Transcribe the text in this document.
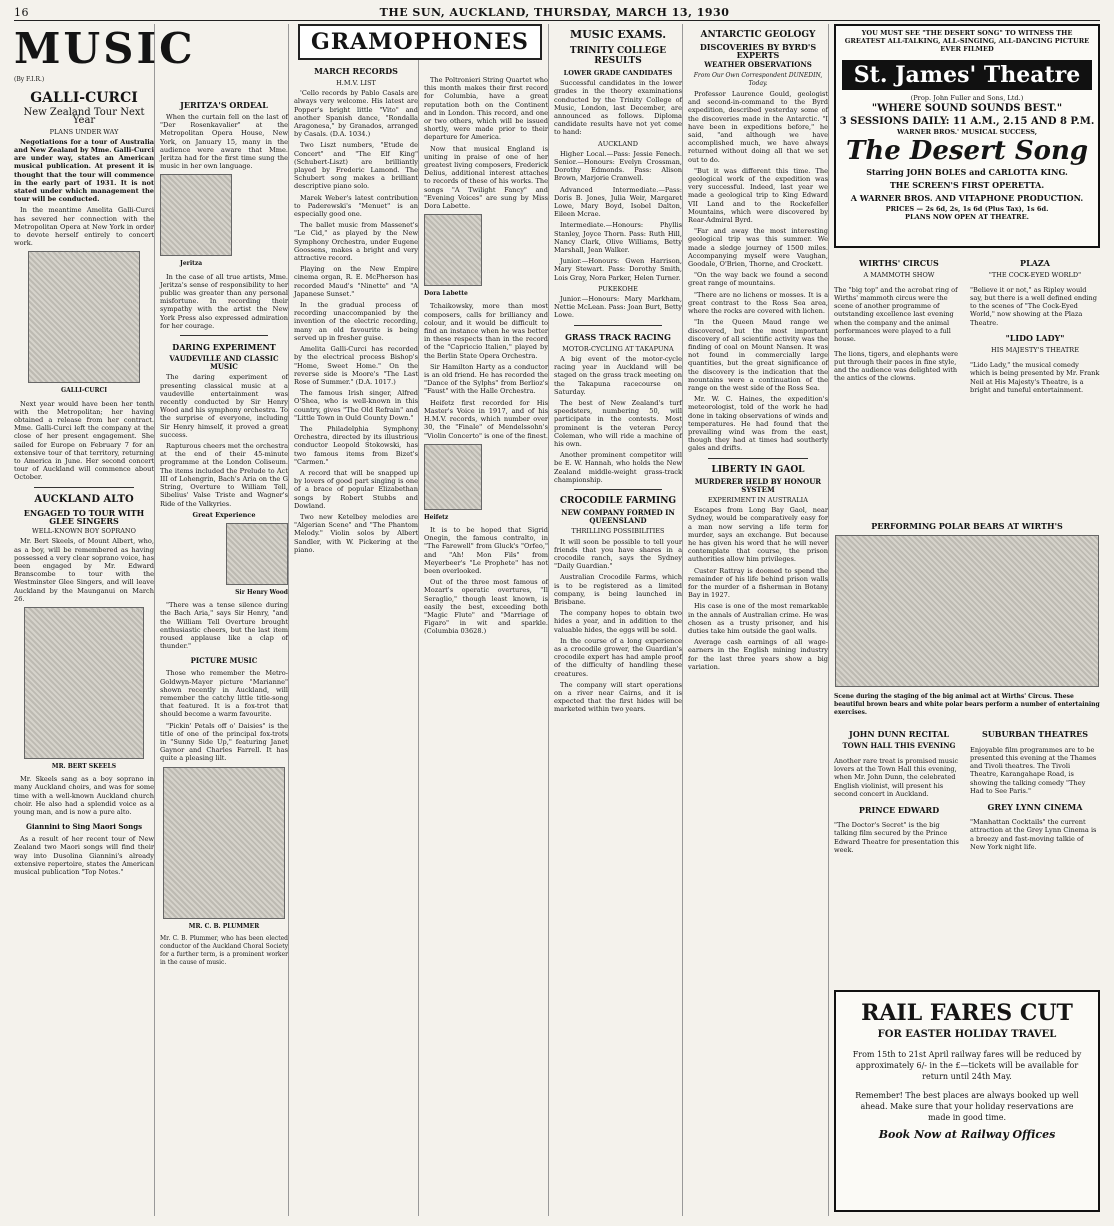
16	THE SUN, AUCKLAND, THURSDAY, MARCH 13, 1930
MUSIC
(By F.I.R.)
GALLI-CURCI
New Zealand Tour Next Year
PLANS UNDER WAY

Negotiations for a tour of Australia and New Zealand by Mme. Galli-Curci are under way, states an American musical publication. At present it is thought that the tour will commence in the early part of 1931. It is not stated under which management the tour will be conducted.

In the meantime Amelita Galli-Curci has severed her connection with the Metropolitan Opera at New York in order to devote herself entirely to concert work.

GALLI-CURCI

Next year would have been her tenth with the Metropolitan; her having obtained a release from her contract. Mme. Galli-Curci left the company at the close of her present engagement. She sailed for Europe on February 7 for an extensive tour of that territory, returning to America in June. Her second concert tour of Auckland will commence about October.

AUCKLAND ALTO
ENGAGED TO TOUR WITH GLEE SINGERS
WELL-KNOWN BOY SOPRANO

Mr. Bert Skeels, of Mount Albert, who, as a boy, will be remembered as having possessed a very clear soprano voice, has been engaged by Mr. Edward Branscombe to tour with the Westminster Glee Singers, and will leave Auckland by the Maunganui on March 26.

MR. BERT SKEELS

Mr. Skeels sang as a boy soprano in many Auckland choirs, and was for some time with a well-known Auckland church choir. He also had a splendid voice as a young man, and is now a pure alto.

Giannini to Sing Maori Songs

As a result of her recent tour of New Zealand two Maori songs will find their way into Dusolina Giannini's already extensive repertoire, states the American musical publication "Top Notes."

JERITZA'S ORDEAL

When the curtain fell on the last of "Der Rosenkavalier" at the Metropolitan Opera House, New York, on January 15, many in the audience were aware that Mme. Jeritza had for the first time sung the music in her own language.

Jeritza

In the case of all true artists, Mme. Jeritza's sense of responsibility to her public was greater than any personal misfortune. In recording their sympathy with the artist the New York Press also expressed admiration for her courage.

DARING EXPERIMENT
VAUDEVILLE AND CLASSIC MUSIC

The daring experiment of presenting classical music at a vaudeville entertainment was recently conducted by Sir Henry Wood and his symphony orchestra. To the surprise of everyone, including Sir Henry himself, it proved a great success.

Rapturous cheers met the orchestra at the end of their 45-minute programme at the London Coliseum. The items included the Prelude to Act III of Lohengrin, Bach's Aria on the G String, Overture to William Tell, Sibelius' Valse Triste and Wagner's Ride of the Valkyries.

Great Experience
Sir Henry Wood

"There was a tense silence during the Bach Aria," says Sir Henry, "and the William Tell Overture brought enthusiastic cheers, but the last item roused applause like a clap of thunder."

PICTURE MUSIC

Those who remember the Metro-Goldwyn-Mayer picture "Marianne" shown recently in Auckland, will remember the catchy little title-song that featured. It is a fox-trot that should become a warm favourite.

"Pickin' Petals off o' Daisies" is the title of one of the principal fox-trots in "Sunny Side Up," featuring Janet Gaynor and Charles Farrell. It has quite a pleasing lilt.

MR. C. B. PLUMMER

Mr. C. B. Plummer, who has been elected conductor of the Auckland Choral Society for a further term, is a prominent worker in the cause of music.

GRAMOPHONES
MARCH RECORDS
H.M.V. LIST

'Cello records by Pablo Casals are always very welcome. His latest are Popper's bright little "Vito" and another Spanish dance, "Rondalla Aragonesa," by Granados, arranged by Casals. (D.A. 1034.)

Two Liszt numbers, "Etude de Concert" and "The Elf King" (Schubert-Liszt) are brilliantly played by Frederic Lamond. The Schubert song makes a brilliant descriptive piano solo.

Marek Weber's latest contribution to Paderewski's "Menuet" is an especially good one.

The ballet music from Massenet's "Le Cid," as played by the New Symphony Orchestra, under Eugene Goossens, makes a bright and very attractive record.

Playing on the New Empire cinema organ, R. E. McPherson has recorded Maud's "Ninette" and "A Japanese Sunset."

In the gradual process of recording unaccompanied by the invention of the electric recording, many an old favourite is being served up in fresher guise.

Amelita Galli-Curci has recorded by the electrical process Bishop's "Home, Sweet Home." On the reverse side is Moore's "The Last Rose of Summer." (D.A. 1017.)

The famous Irish singer, Alfred O'Shea, who is well-known in this country, gives "The Old Refrain" and "Little Town in Ould County Down."

The Philadelphia Symphony Orchestra, directed by its illustrious conductor Leopold Stokowski, has two famous items from Bizet's "Carmen."

A record that will be snapped up by lovers of good part singing is one of a brace of popular Elizabethan songs by Robert Stubbs and Dowland.

Two new Ketelbey melodies are "Algerian Scene" and "The Phantom Melody." Violin solos by Albert Sandler, with W. Pickering at the piano.

The Poltronieri String Quartet who this month makes their first record for Columbia, have a great reputation both on the Continent and in London. This record, and one or two others, which will be issued shortly, were made prior to their departure for America.

Now that musical England is uniting in praise of one of her greatest living composers, Frederick Delius, additional interest attaches to records of these of his works. The songs "A Twilight Fancy" and "Evening Voices" are sung by Miss Dora Labette.

Dora Labette

Tchaikowsky, more than most composers, calls for brilliancy and colour, and it would be difficult to find an instance when he was better in these respects than in the record of the "Capriccio Italien," played by the Berlin State Opera Orchestra.

Sir Hamilton Harty as a conductor is an old friend. He has recorded the "Dance of the Sylphs" from Berlioz's "Faust" with the Halle Orchestra.

Heifetz first recorded for His Master's Voice in 1917, and of his H.M.V. records, which number over 30, the "Finale" of Mendelssohn's "Violin Concerto" is one of the finest.

Heifetz

It is to be hoped that Sigrid Onegin, the famous contralto, in "The Farewell" from Gluck's "Orfeo," and "Ah! Mon Fils" from Meyerbeer's "Le Prophete" has not been overlooked.

Out of the three most famous of Mozart's operatic overtures, "Il Seraglio," though least known, is easily the best, exceeding both "Magic Flute" and "Marriage of Figaro" in wit and sparkle. (Columbia 03628.)

MUSIC EXAMS.
TRINITY COLLEGE RESULTS
LOWER GRADE CANDIDATES

Successful candidates in the lower grades in the theory examinations conducted by the Trinity College of Music, London, last December, are announced as follows. Diploma candidate results have not yet come to hand:

AUCKLAND

Higher Local.—Pass: Jessie Fenech. Senior.—Honours: Evelyn Crossman, Dorothy Edmonds. Pass: Alison Brown, Marjorie Cranwell.

Advanced Intermediate.—Pass: Doris B. Jones, Julia Weir, Margaret Lowe, Mary Boyd, Isobel Dalton, Eileen Mcrae.

Intermediate.—Honours: Phyllis Stanley, Joyce Thorn. Pass: Ruth Hill, Nancy Clark, Olive Williams, Betty Marshall, Jean Walker.

Junior.—Honours: Gwen Harrison, Mary Stewart. Pass: Dorothy Smith, Lois Gray, Nora Parker, Helen Turner.

PUKEKOHE

Junior.—Honours: Mary Markham, Nettie McLean. Pass: Joan Burt, Betty Lowe.

GRASS TRACK RACING
MOTOR-CYCLING AT TAKAPUNA

A big event of the motor-cycle racing year in Auckland will be staged on the grass track meeting on the Takapuna racecourse on Saturday.

The best of New Zealand's turf speedsters, numbering 50, will participate in the contests. Most prominent is the veteran Percy Coleman, who will ride a machine of his own.

Another prominent competitor will be E. W. Hannah, who holds the New Zealand middle-weight grass-track championship.

CROCODILE FARMING
NEW COMPANY FORMED IN QUEENSLAND
THRILLING POSSIBILITIES

It will soon be possible to tell your friends that you have shares in a crocodile ranch, says the Sydney "Daily Guardian."

Australian Crocodile Farms, which is to be registered as a limited company, is being launched in Brisbane.

The company hopes to obtain two hides a year, and in addition to the valuable hides, the eggs will be sold.

In the course of a long experience as a crocodile grower, the Guardian's crocodile expert has had ample proof of the difficulty of handling these creatures.

The company will start operations on a river near Cairns, and it is expected that the first hides will be marketed within two years.

ANTARCTIC GEOLOGY
DISCOVERIES BY BYRD'S EXPERTS
WEATHER OBSERVATIONS
From Our Own Correspondent DUNEDIN, Today.

Professor Laurence Gould, geologist and second-in-command to the Byrd expedition, described yesterday some of the discoveries made in the Antarctic. "I have been in expeditions before," he said, "and although we have accomplished much, we have always returned without doing all that we set out to do.

"But it was different this time. The geological work of the expedition was very successful. Indeed, last year we made a geological trip to King Edward VII Land and to the Rockefeller Mountains, which were discovered by Rear-Admiral Byrd.

"Far and away the most interesting geological trip was this summer. We made a sledge journey of 1500 miles. Accompanying myself were Vaughan, Goodale, O'Brien, Thorne, and Crockett.

"On the way back we found a second great range of mountains.

"There are no lichens or mosses. It is a great contrast to the Ross Sea area, where the rocks are covered with lichen.

"In the Queen Maud range we discovered, but the most important discovery of all scientific activity was the finding of coal on Mount Nansen. It was not found in commercially large quantities, but the great significance of the discovery is the indication that the mountains were a continuation of the range on the west side of the Ross Sea.

Mr. W. C. Haines, the expedition's meteorologist, told of the work he had done in taking observations of winds and temperatures. He had found that the prevailing wind was from the east, though they had at times had southerly gales and drifts.

LIBERTY IN GAOL
MURDERER HELD BY HONOUR SYSTEM
EXPERIMENT IN AUSTRALIA

Escapes from Long Bay Gaol, near Sydney, would be comparatively easy for a man now serving a life term for murder, says an exchange. But because he has given his word that he will never contemplate that course, the prison authorities allow him privileges.

Custer Rattray is doomed to spend the remainder of his life behind prison walls for the murder of a fisherman in Botany Bay in 1927.

His case is one of the most remarkable in the annals of Australian crime. He was chosen as a trusty prisoner, and his duties take him outside the gaol walls.

Average cash earnings of all wage-earners in the English mining industry for the last three years show a big variation.

YOU MUST SEE "THE DESERT SONG" TO WITNESS THE GREATEST ALL-TALKING, ALL-SINGING, ALL-DANCING PICTURE EVER FILMED
St. James' Theatre
(Prop. John Fuller and Sons, Ltd.)
"WHERE SOUND SOUNDS BEST."
3 SESSIONS DAILY: 11 A.M., 2.15 AND 8 P.M.
WARNER BROS.' MUSICAL SUCCESS,
The Desert Song
Starring JOHN BOLES and CARLOTTA KING.
THE SCREEN'S FIRST OPERETTA.
A WARNER BROS. AND VITAPHONE PRODUCTION.
PRICES — 2s 6d, 2s, 1s 6d (Plus Tax), 1s 6d.
PLANS NOW OPEN AT THEATRE.
WIRTHS' CIRCUS
A MAMMOTH SHOW

The "big top" and the acrobat ring of Wirths' mammoth circus were the scene of another programme of outstanding excellence last evening when the company and the animal performances were played to a full house.

The lions, tigers, and elephants were put through their paces in fine style, and the audience was delighted with the antics of the clowns.

PLAZA
"THE COCK-EYED WORLD"

"Believe it or not," as Ripley would say, but there is a well defined ending to the scenes of "The Cock-Eyed World," now showing at the Plaza Theatre.

"LIDO LADY"
HIS MAJESTY'S THEATRE

"Lido Lady," the musical comedy which is being presented by Mr. Frank Neil at His Majesty's Theatre, is a bright and tuneful entertainment.

PERFORMING POLAR BEARS AT WIRTH'S

Scene during the staging of the big animal act at Wirths' Circus. These beautiful brown bears and white polar bears perform a number of entertaining exercises.

JOHN DUNN RECITAL
TOWN HALL THIS EVENING

Another rare treat is promised music lovers at the Town Hall this evening, when Mr. John Dunn, the celebrated English violinist, will present his second concert in Auckland.

PRINCE EDWARD

"The Doctor's Secret" is the big talking film secured by the Prince Edward Theatre for presentation this week.

SUBURBAN THEATRES

Enjoyable film programmes are to be presented this evening at the Thames and Tivoli theatres. The Tivoli Theatre, Karangahape Road, is showing the talking comedy "They Had to See Paris."

GREY LYNN CINEMA

"Manhattan Cocktails" the current attraction at the Grey Lynn Cinema is a breezy and fast-moving talkie of New York night life.

RAIL FARES CUT
FOR EASTER HOLIDAY TRAVEL
From 15th to 21st April railway fares will be reduced by approximately 6/- in the £—tickets will be available for return until 24th May.
Remember! The best places are always booked up well ahead. Make sure that your holiday reservations are made in good time.
Book Now at Railway Offices
